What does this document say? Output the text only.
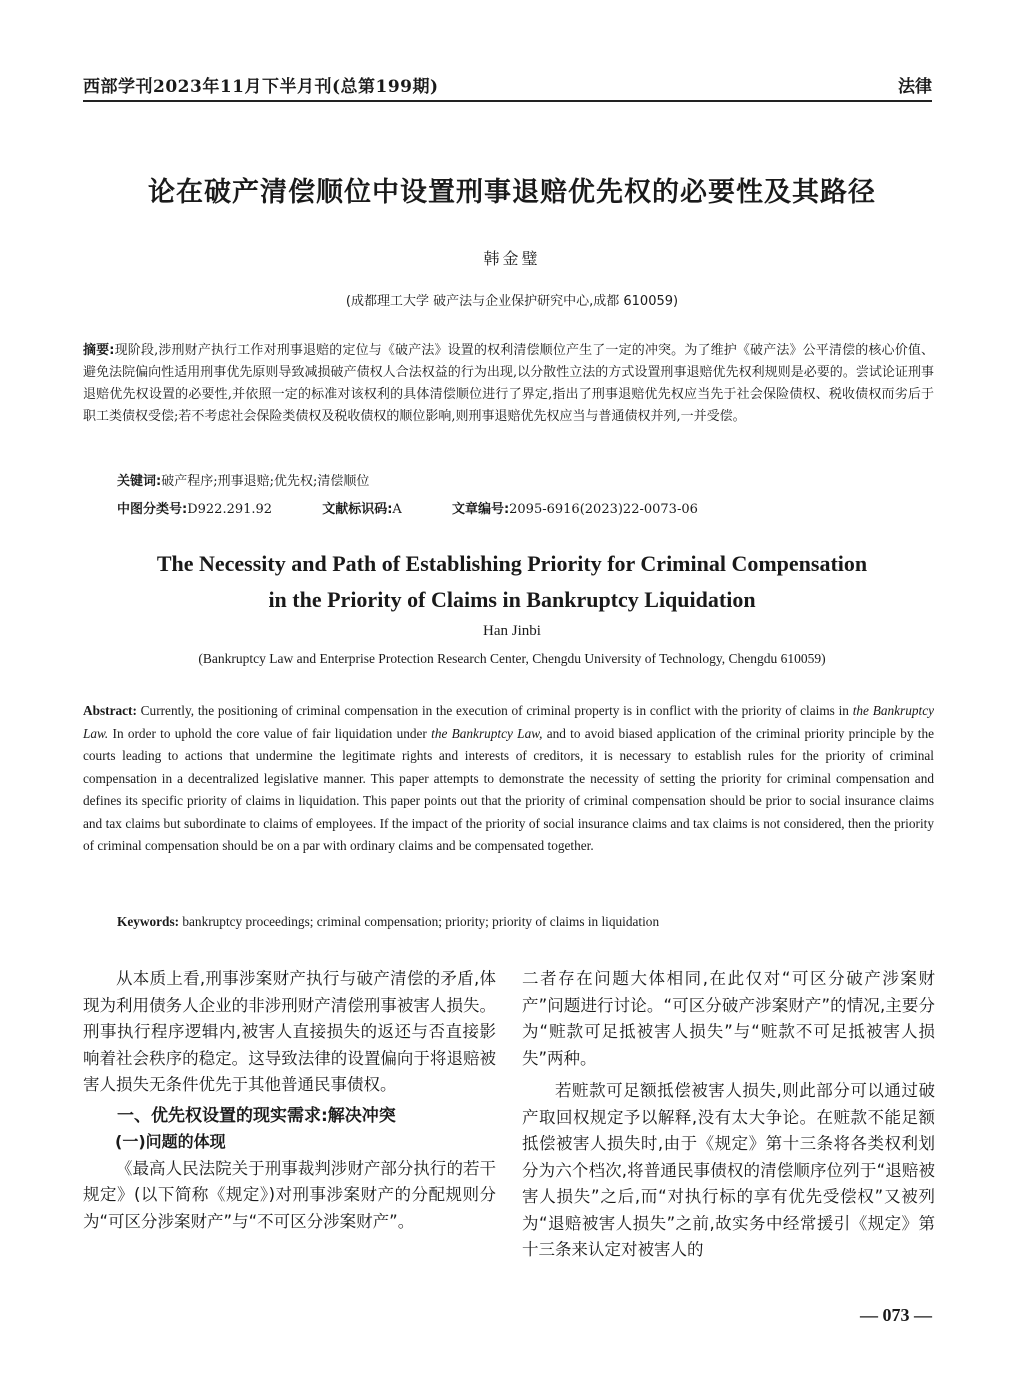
西部学刊2023年11月下半月刊(总第199期)	法律
论在破产清偿顺位中设置刑事退赔优先权的必要性及其路径
韩金璧
(成都理工大学 破产法与企业保护研究中心,成都 610059)
摘要:现阶段,涉刑财产执行工作对刑事退赔的定位与《破产法》设置的权利清偿顺位产生了一定的冲突。为了维护《破产法》公平清偿的核心价值、避免法院偏向性适用刑事优先原则导致减损破产债权人合法权益的行为出现,以分散性立法的方式设置刑事退赔优先权利规则是必要的。尝试论证刑事退赔优先权设置的必要性,并依照一定的标准对该权利的具体清偿顺位进行了界定,指出了刑事退赔优先权应当先于社会保险债权、税收债权而劣后于职工类债权受偿;若不考虑社会保险类债权及税收债权的顺位影响,则刑事退赔优先权应当与普通债权并列,一并受偿。
关键词:破产程序;刑事退赔;优先权;清偿顺位
中图分类号:D922.291.92	文献标识码:A	文章编号:2095-6916(2023)22-0073-06
The Necessity and Path of Establishing Priority for Criminal Compensation
in the Priority of Claims in Bankruptcy Liquidation
Han Jinbi
(Bankruptcy Law and Enterprise Protection Research Center, Chengdu University of Technology, Chengdu 610059)
Abstract: Currently, the positioning of criminal compensation in the execution of criminal property is in conflict with the priority of claims in the Bankruptcy Law. In order to uphold the core value of fair liquidation under the Bankruptcy Law, and to avoid biased application of the criminal priority principle by the courts leading to actions that undermine the legitimate rights and interests of creditors, it is necessary to establish rules for the priority of criminal compensation in a decentralized legislative manner. This paper attempts to demonstrate the necessity of setting the priority for criminal compensation and defines its specific priority of claims in liquidation. This paper points out that the priority of criminal compensation should be prior to social insurance claims and tax claims but subordinate to claims of employees. If the impact of the priority of social insurance claims and tax claims is not considered, then the priority of criminal compensation should be on a par with ordinary claims and be compensated together.
Keywords: bankruptcy proceedings; criminal compensation; priority; priority of claims in liquidation

从本质上看,刑事涉案财产执行与破产清偿的矛盾,体现为利用债务人企业的非涉刑财产清偿刑事被害人损失。刑事执行程序逻辑内,被害人直接损失的返还与否直接影响着社会秩序的稳定。这导致法律的设置偏向于将退赔被害人损失无条件优先于其他普通民事债权。

一、优先权设置的现实需求:解决冲突

(一)问题的体现

《最高人民法院关于刑事裁判涉财产部分执行的若干规定》(以下简称《规定》)对刑事涉案财产的分配规则分为“可区分涉案财产”与“不可区分涉案财产”。

二者存在问题大体相同,在此仅对“可区分破产涉案财产”问题进行讨论。“可区分破产涉案财产”的情况,主要分为“赃款可足抵被害人损失”与“赃款不可足抵被害人损失”两种。

若赃款可足额抵偿被害人损失,则此部分可以通过破产取回权规定予以解释,没有太大争论。在赃款不能足额抵偿被害人损失时,由于《规定》第十三条将各类权利划分为六个档次,将普通民事债权的清偿顺序位列于“退赔被害人损失”之后,而“对执行标的享有优先受偿权”又被列为“退赔被害人损失”之前,故实务中经常援引《规定》第十三条来认定对被害人的

— 073 —
